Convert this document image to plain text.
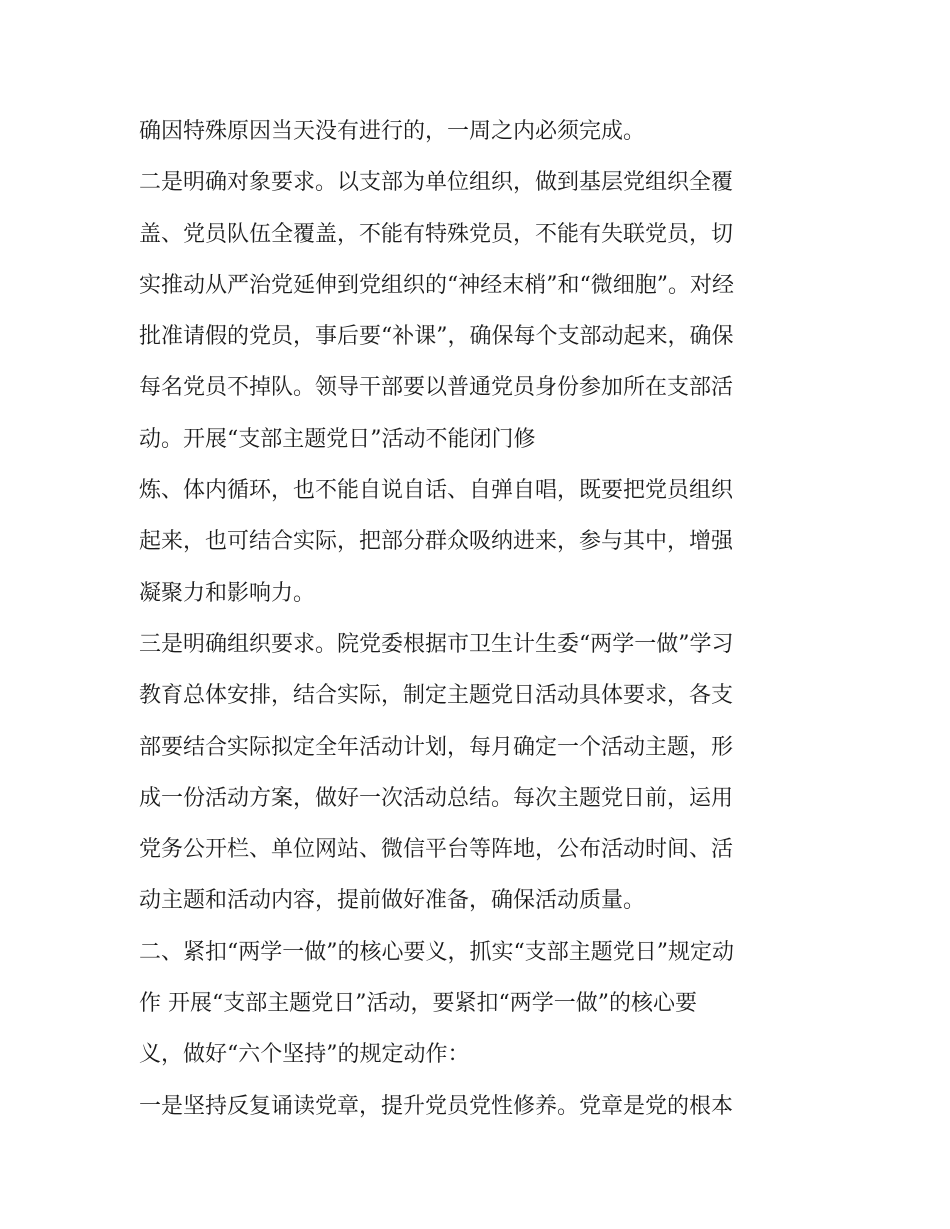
确因特殊原因当天没有进行的，一周之内必须完成。

二是明确对象要求。以支部为单位组织，做到基层党组织全覆

盖、党员队伍全覆盖，不能有特殊党员，不能有失联党员，切

实推动从严治党延伸到党组织的“神经末梢”和“微细胞”。对经

批准请假的党员，事后要“补课”，确保每个支部动起来，确保

每名党员不掉队。领导干部要以普通党员身份参加所在支部活

动。开展“支部主题党日”活动不能闭门修

炼、体内循环，也不能自说自话、自弹自唱，既要把党员组织

起来，也可结合实际，把部分群众吸纳进来，参与其中，增强

凝聚力和影响力。

三是明确组织要求。院党委根据市卫生计生委“两学一做”学习

教育总体安排，结合实际，制定主题党日活动具体要求，各支

部要结合实际拟定全年活动计划，每月确定一个活动主题，形

成一份活动方案，做好一次活动总结。每次主题党日前，运用

党务公开栏、单位网站、微信平台等阵地，公布活动时间、活

动主题和活动内容，提前做好准备，确保活动质量。

二、紧扣“两学一做”的核心要义，抓实“支部主题党日”规定动

作 开展“支部主题党日”活动，要紧扣“两学一做”的核心要

义，做好“六个坚持”的规定动作：

一是坚持反复诵读党章，提升党员党性修养。党章是党的根本
